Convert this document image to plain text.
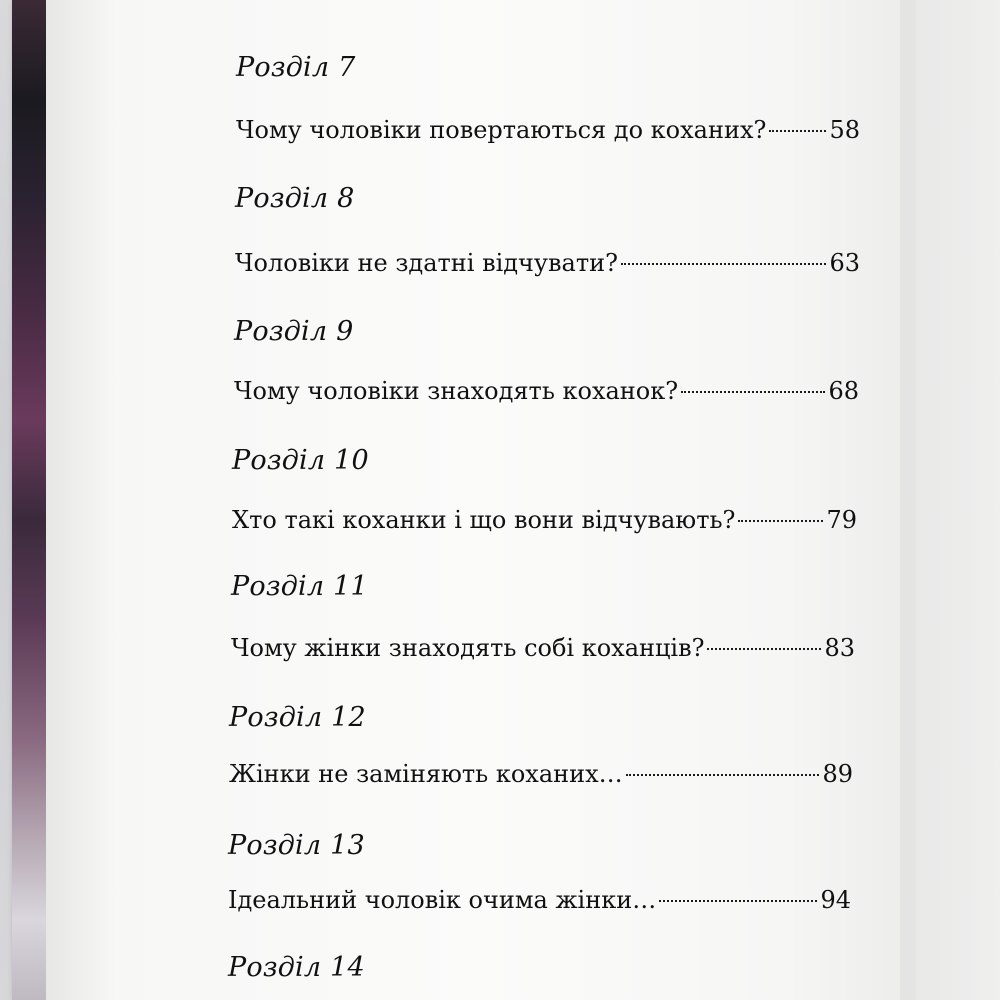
Розділ 7
Чому чоловіки повертаються до коханих?	58
Розділ 8
Чоловіки не здатні відчувати?	63
Розділ 9
Чому чоловіки знаходять коханок?	68
Розділ 10
Хто такі коханки і що вони відчувають?	79
Розділ 11
Чому жінки знаходять собі коханців?	83
Розділ 12
Жінки не заміняють коханих…	89
Розділ 13
Ідеальний чоловік очима жінки…	94
Розділ 14
